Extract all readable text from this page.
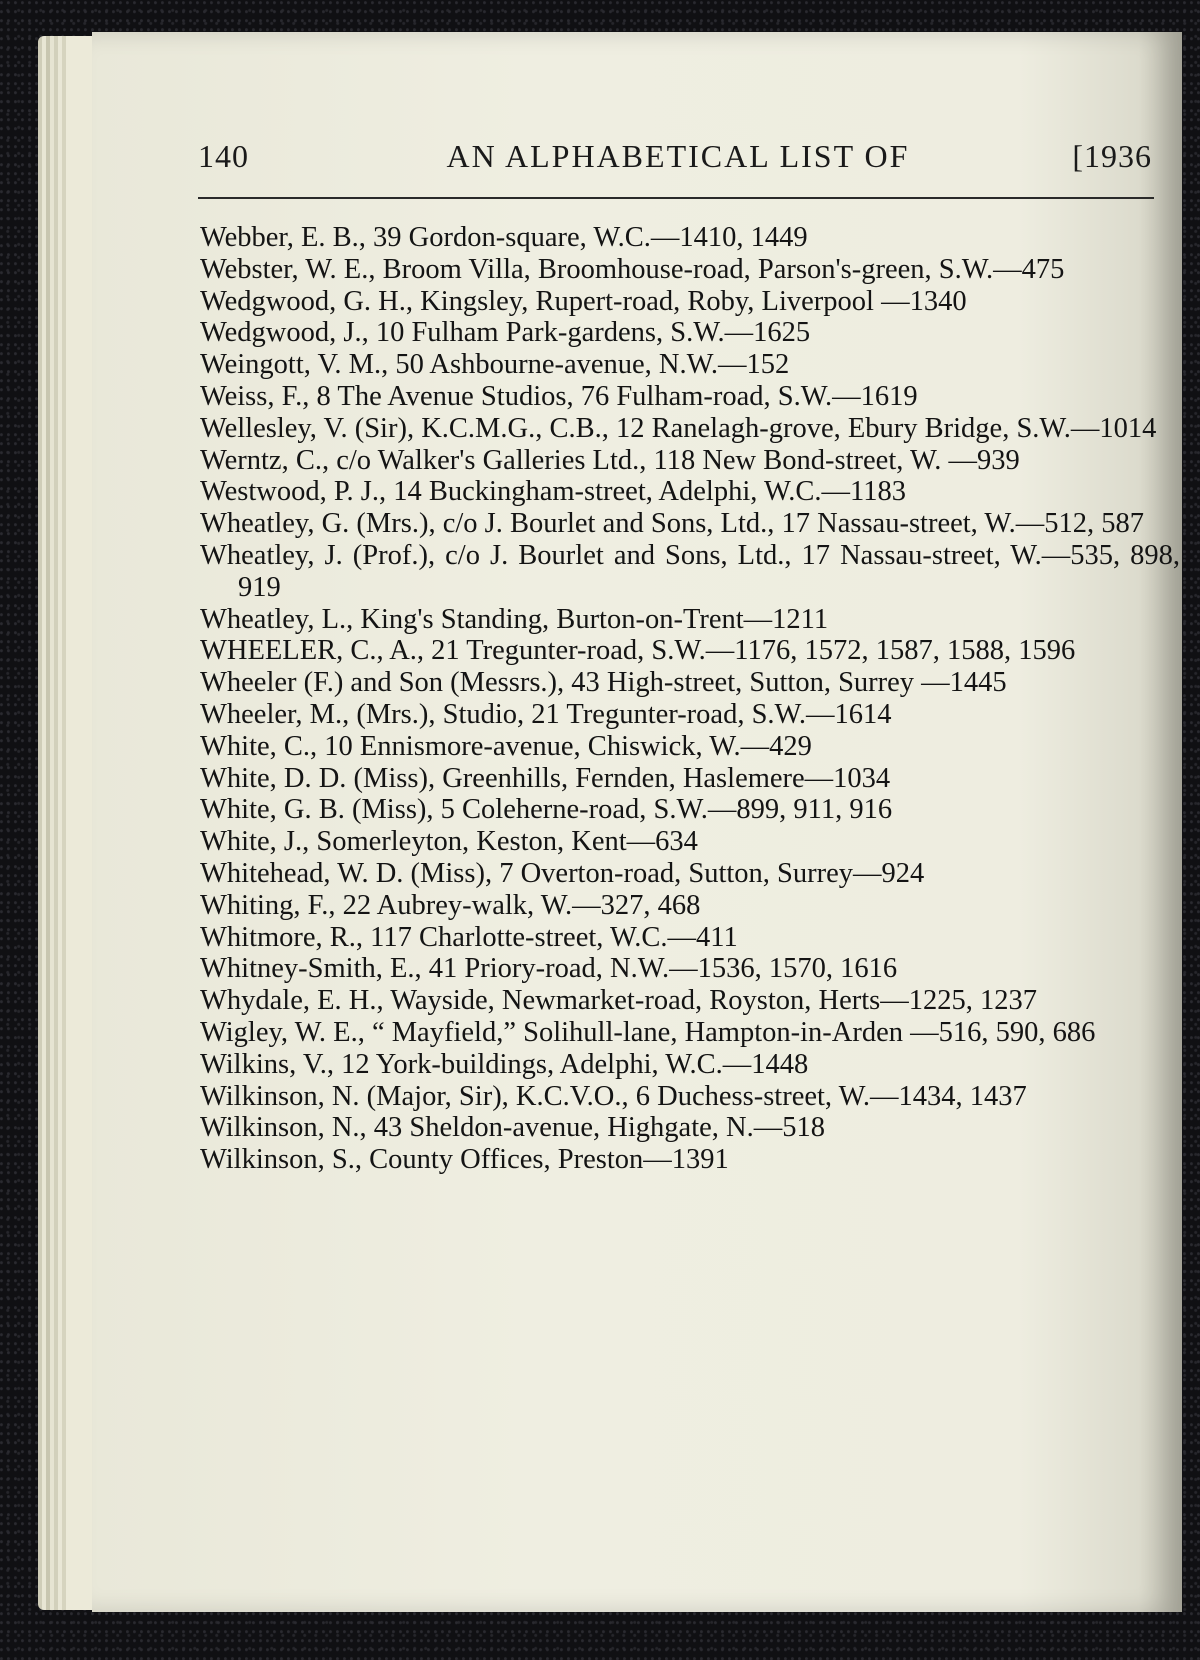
140	AN ALPHABETICAL LIST OF	[1936
Webber, E. B., 39 Gordon-square, W.C.—1410, 1449
Webster, W. E., Broom Villa, Broomhouse-road, Parson's-green, S.W.—475
Wedgwood, G. H., Kingsley, Rupert-road, Roby, Liverpool —1340
Wedgwood, J., 10 Fulham Park-gardens, S.W.—1625
Weingott, V. M., 50 Ashbourne-avenue, N.W.—152
Weiss, F., 8 The Avenue Studios, 76 Fulham-road, S.W.—1619
Wellesley, V. (Sir), K.C.M.G., C.B., 12 Ranelagh-grove, Ebury Bridge, S.W.—1014
Werntz, C., c/o Walker's Galleries Ltd., 118 New Bond-street, W. —939
Westwood, P. J., 14 Buckingham-street, Adelphi, W.C.—1183
Wheatley, G. (Mrs.), c/o J. Bourlet and Sons, Ltd., 17 Nassau-street, W.—512, 587
Wheatley, J. (Prof.), c/o J. Bourlet and Sons, Ltd., 17 Nassau-street, W.—535, 898, 919
Wheatley, L., King's Standing, Burton-on-Trent—1211
WHEELER, C., A., 21 Tregunter-road, S.W.—1176, 1572, 1587, 1588, 1596
Wheeler (F.) and Son (Messrs.), 43 High-street, Sutton, Surrey —1445
Wheeler, M., (Mrs.), Studio, 21 Tregunter-road, S.W.—1614
White, C., 10 Ennismore-avenue, Chiswick, W.—429
White, D. D. (Miss), Greenhills, Fernden, Haslemere—1034
White, G. B. (Miss), 5 Coleherne-road, S.W.—899, 911, 916
White, J., Somerleyton, Keston, Kent—634
Whitehead, W. D. (Miss), 7 Overton-road, Sutton, Surrey—924
Whiting, F., 22 Aubrey-walk, W.—327, 468
Whitmore, R., 117 Charlotte-street, W.C.—411
Whitney-Smith, E., 41 Priory-road, N.W.—1536, 1570, 1616
Whydale, E. H., Wayside, Newmarket-road, Royston, Herts—1225, 1237
Wigley, W. E., “ Mayfield,” Solihull-lane, Hampton-in-Arden —516, 590, 686
Wilkins, V., 12 York-buildings, Adelphi, W.C.—1448
Wilkinson, N. (Major, Sir), K.C.V.O., 6 Duchess-street, W.—1434, 1437
Wilkinson, N., 43 Sheldon-avenue, Highgate, N.—518
Wilkinson, S., County Offices, Preston—1391
